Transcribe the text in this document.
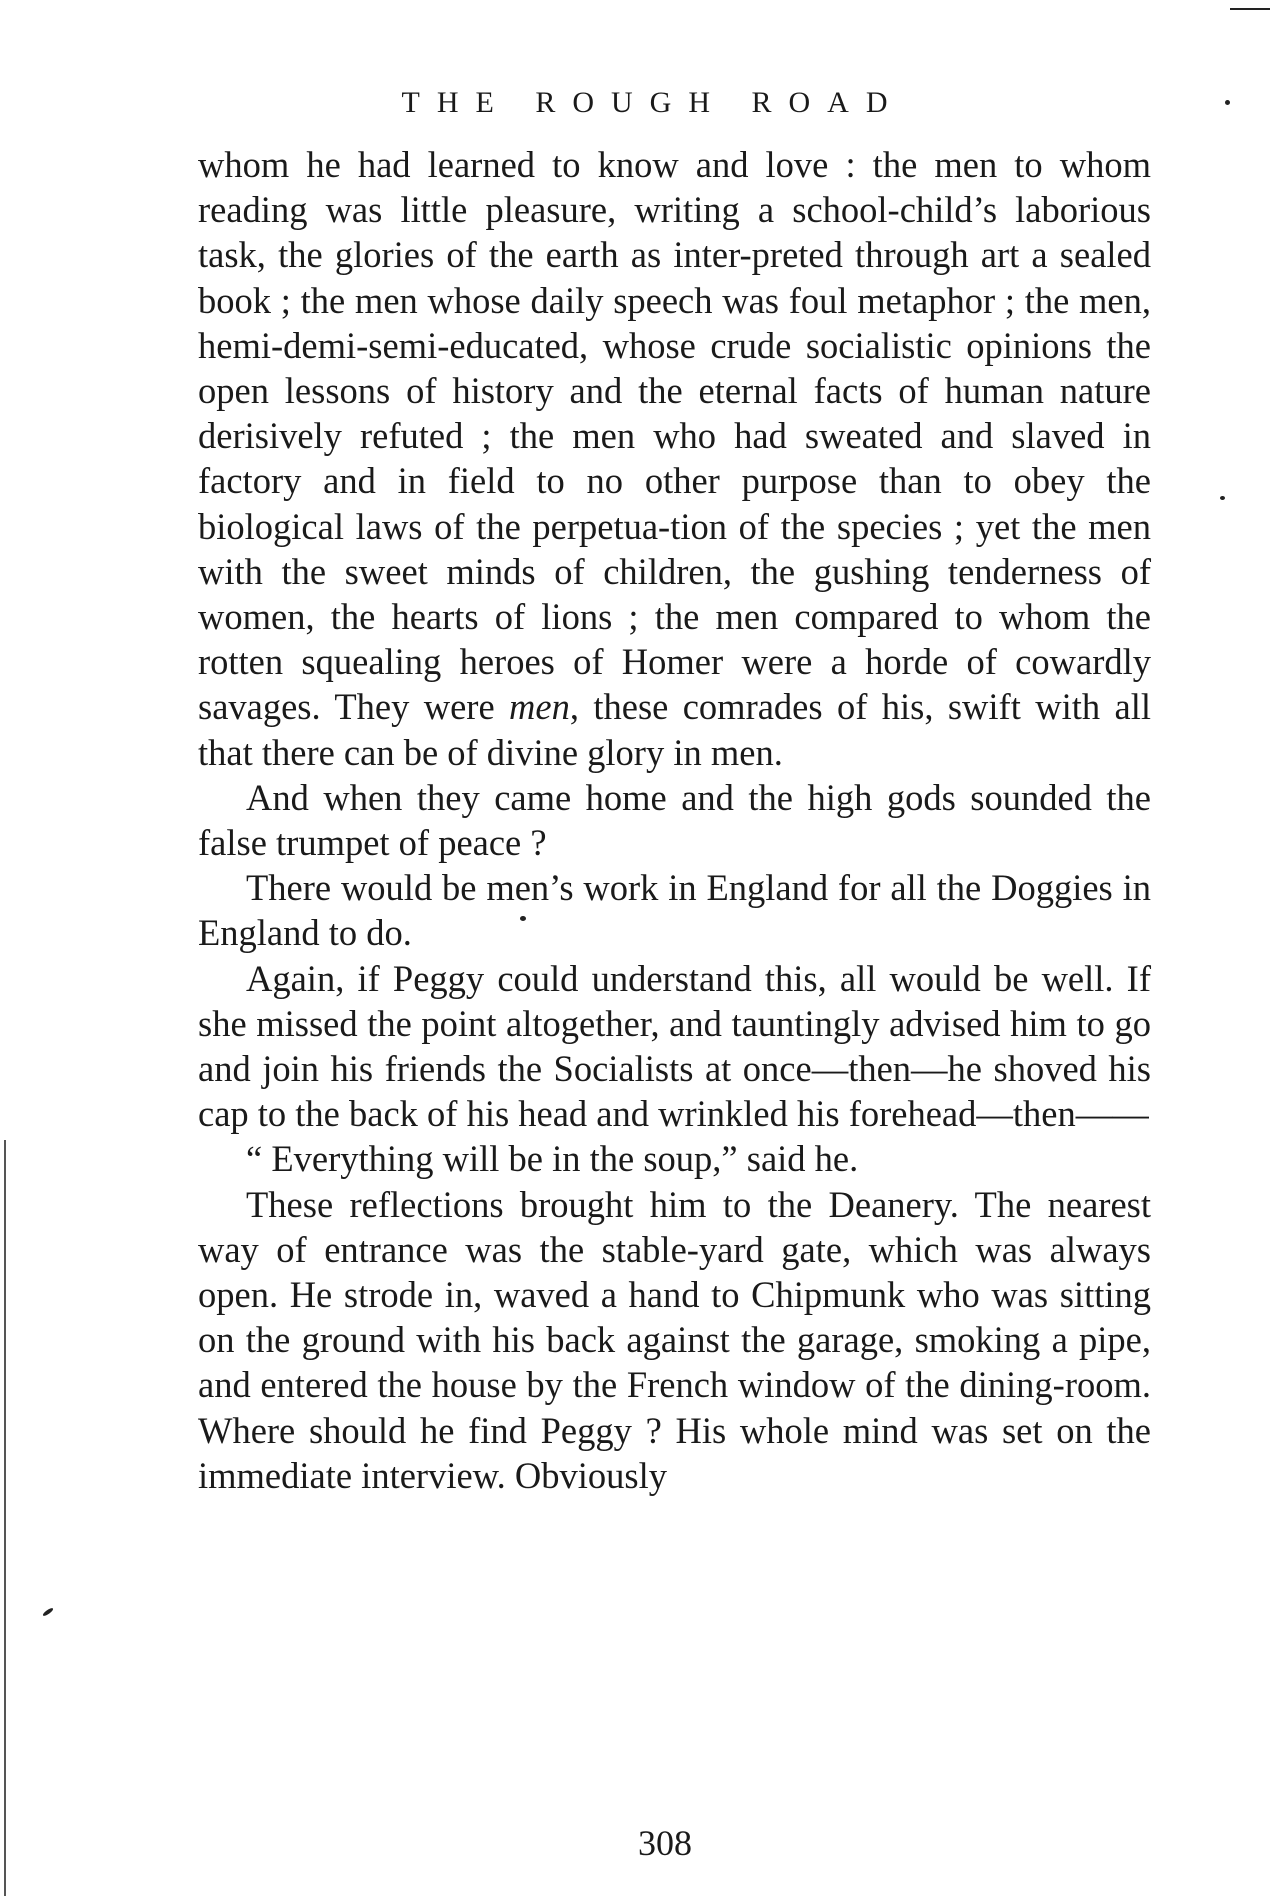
THE ROUGH ROAD

whom he had learned to know and love : the men to whom reading was little pleasure, writing a school-child’s laborious task, the glories of the earth as inter-preted through art a sealed book ; the men whose daily speech was foul metaphor ; the men, hemi-demi-semi-educated, whose crude socialistic opinions the open lessons of history and the eternal facts of human nature derisively refuted ; the men who had sweated and slaved in factory and in field to no other purpose than to obey the biological laws of the perpetua-tion of the species ; yet the men with the sweet minds of children, the gushing tenderness of women, the hearts of lions ; the men compared to whom the rotten squealing heroes of Homer were a horde of cowardly savages. They were men, these comrades of his, swift with all that there can be of divine glory in men.

And when they came home and the high gods sounded the false trumpet of peace ?

There would be men’s work in England for all the Doggies in England to do.

Again, if Peggy could understand this, all would be well. If she missed the point altogether, and tauntingly advised him to go and join his friends the Socialists at once—then—he shoved his cap to the back of his head and wrinkled his forehead—then——

“ Everything will be in the soup,” said he.

These reflections brought him to the Deanery. The nearest way of entrance was the stable-yard gate, which was always open. He strode in, waved a hand to Chipmunk who was sitting on the ground with his back against the garage, smoking a pipe, and entered the house by the French window of the dining-room. Where should he find Peggy ? His whole mind was set on the immediate interview. Obviously

308
